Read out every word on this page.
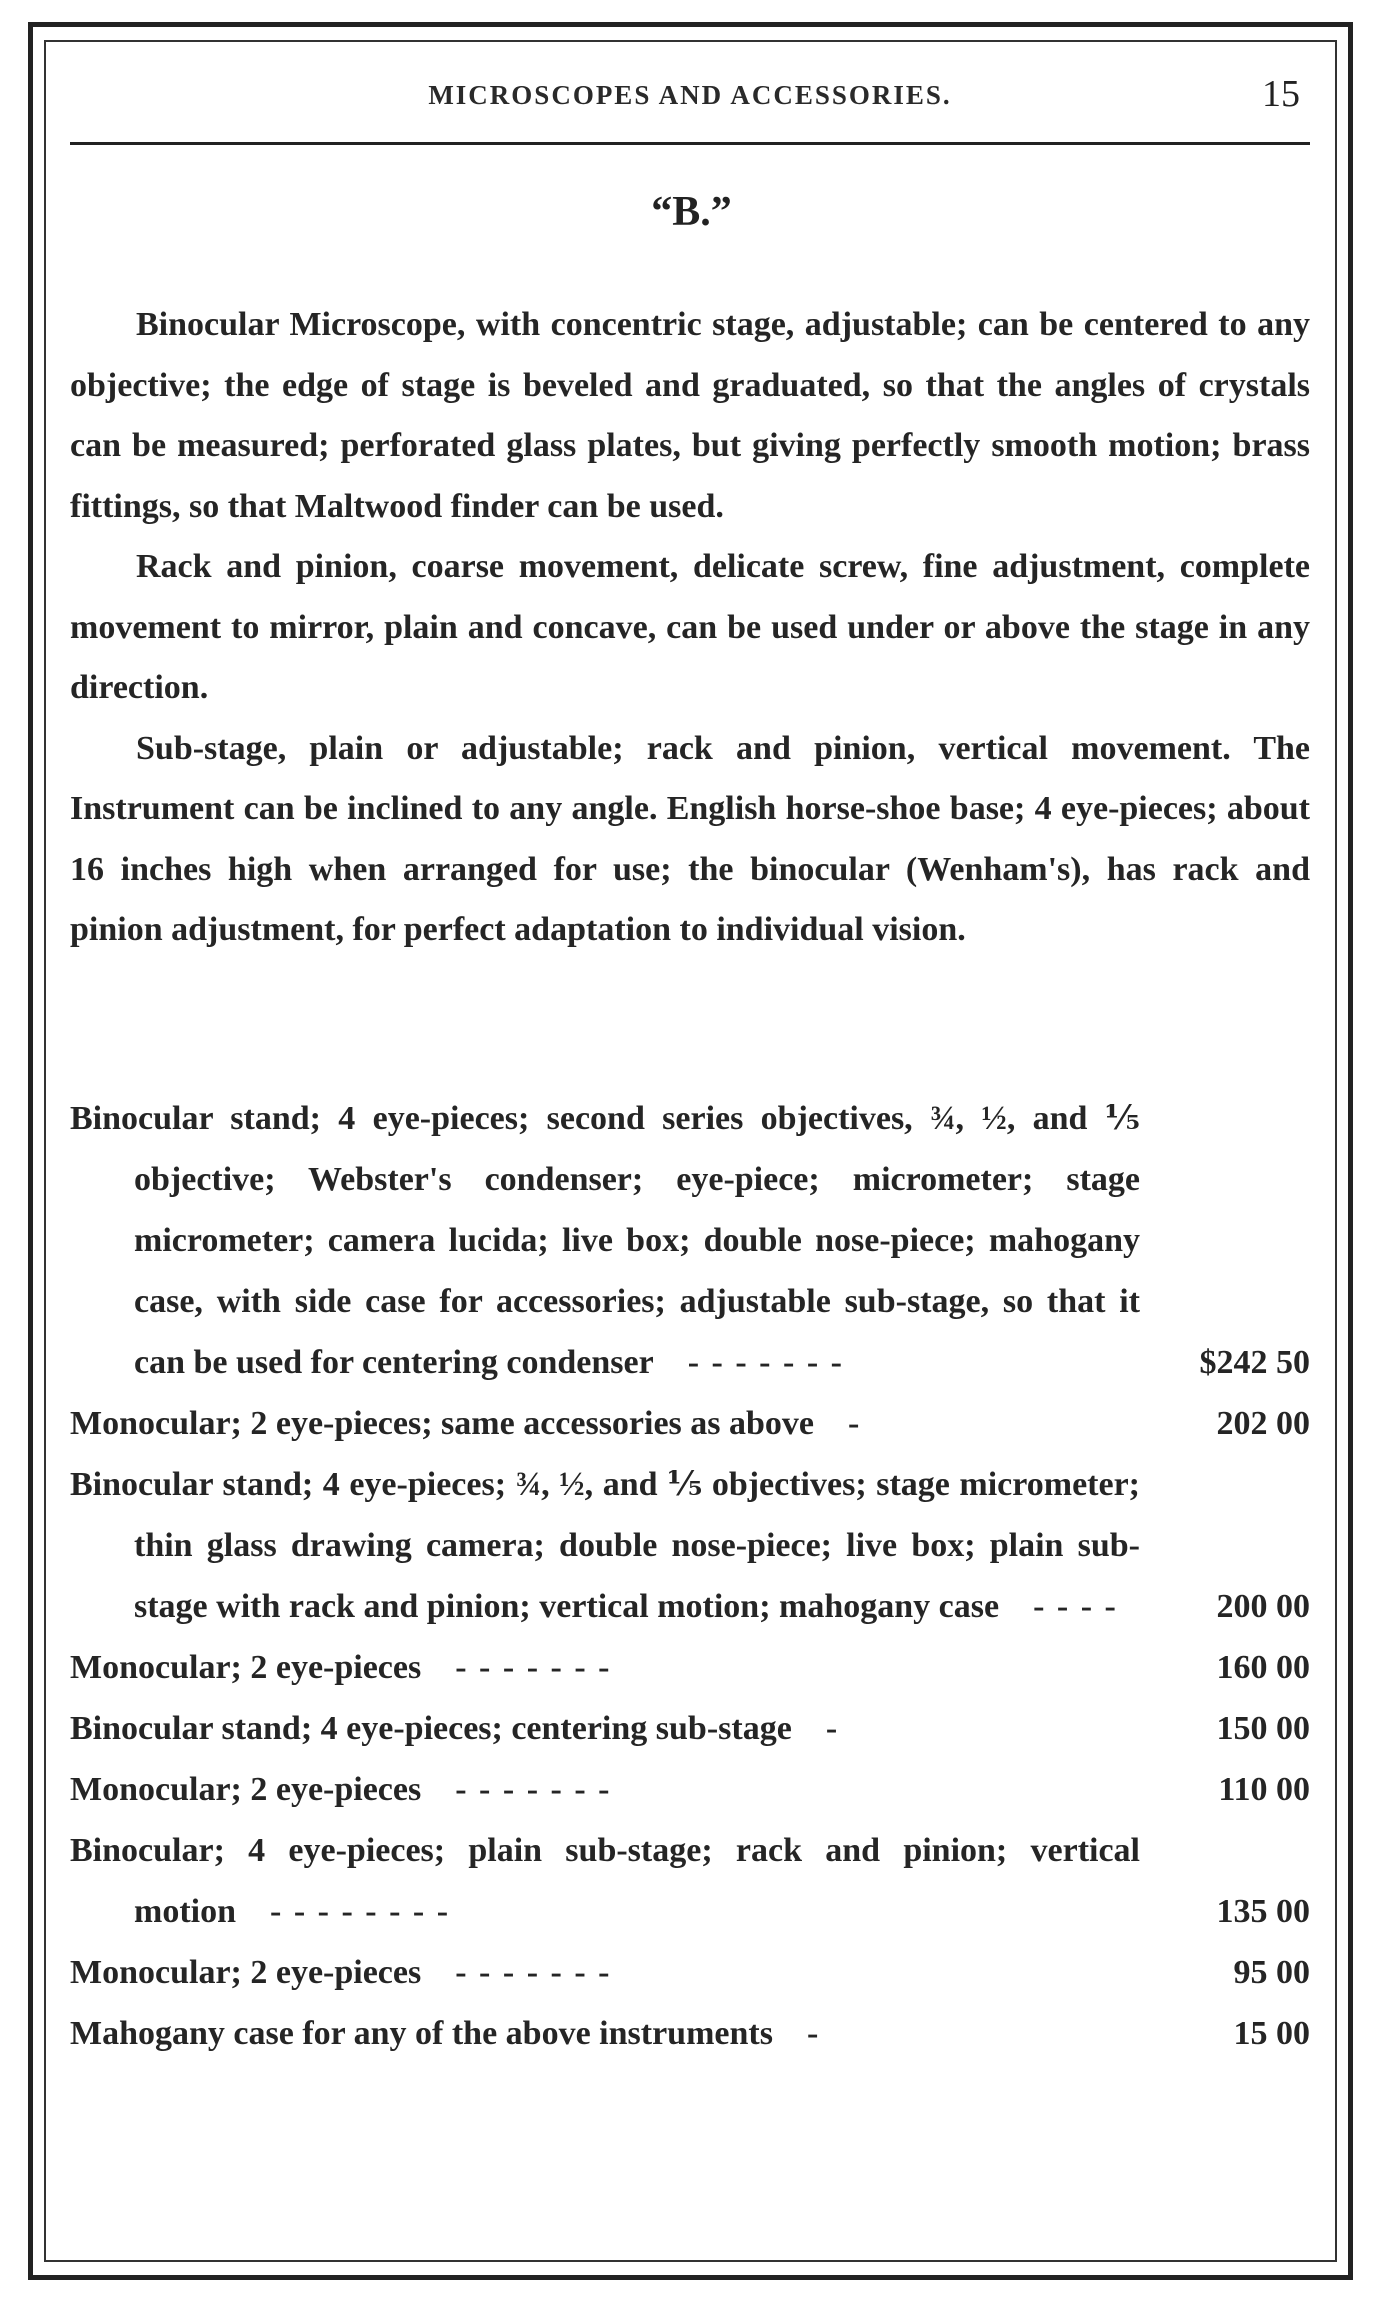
MICROSCOPES AND ACCESSORIES.	15
“B.”

Binocular Microscope, with concentric stage, adjustable; can be centered to any objective; the edge of stage is beveled and graduated, so that the angles of crystals can be measured; perforated glass plates, but giving perfectly smooth motion; brass fittings, so that Maltwood finder can be used.

Rack and pinion, coarse movement, delicate screw, fine adjustment, complete movement to mirror, plain and concave, can be used under or above the stage in any direction.

Sub-stage, plain or adjustable; rack and pinion, vertical movement. The Instrument can be inclined to any angle. English horse-shoe base; 4 eye-pieces; about 16 inches high when arranged for use; the binocular (Wenham's), has rack and pinion adjustment, for perfect adaptation to individual vision.

Binocular stand; 4 eye-pieces; second series objectives, ¾, ½, and ⅕ objective; Webster's condenser; eye-piece; micrometer; stage micrometer; camera lucida; live box; double nose-piece; mahogany case, with side case for accessories; adjustable sub-stage, so that it can be used for centering condenser - - - - - - -	$242 50
Monocular; 2 eye-pieces; same accessories as above -	202 00
Binocular stand; 4 eye-pieces; ¾, ½, and ⅕ objectives; stage micrometer; thin glass drawing camera; double nose-piece; live box; plain sub-stage with rack and pinion; vertical motion; mahogany case - - - -	200 00
Monocular; 2 eye-pieces - - - - - - -	160 00
Binocular stand; 4 eye-pieces; centering sub-stage -	150 00
Monocular; 2 eye-pieces - - - - - - -	110 00
Binocular; 4 eye-pieces; plain sub-stage; rack and pinion; vertical motion - - - - - - - -	135 00
Monocular; 2 eye-pieces - - - - - - -	95 00
Mahogany case for any of the above instruments -	15 00
